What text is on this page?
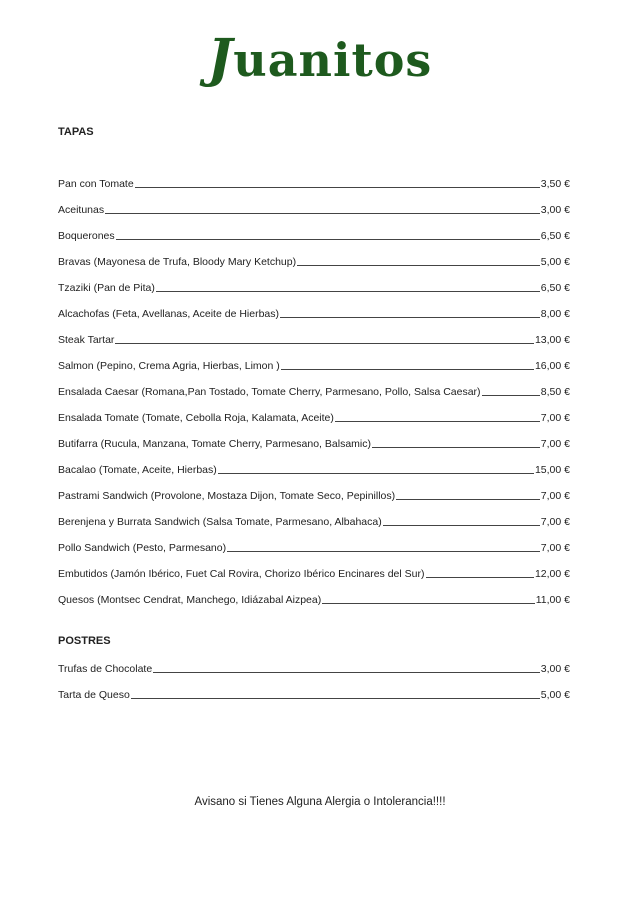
Juanitos
TAPAS
Pan con Tomate	3,50 €
Aceitunas	3,00 €
Boquerones	6,50 €
Bravas (Mayonesa de Trufa, Bloody Mary Ketchup)	5,00 €
Tzaziki (Pan de Pita)	6,50 €
Alcachofas (Feta, Avellanas, Aceite de Hierbas)	8,00 €
Steak Tartar	13,00 €
Salmon (Pepino, Crema Agria, Hierbas, Limon )	16,00 €
Ensalada Caesar (Romana,Pan Tostado, Tomate Cherry, Parmesano, Pollo, Salsa Caesar)	8,50 €
Ensalada Tomate (Tomate, Cebolla Roja, Kalamata, Aceite)	7,00 €
Butifarra (Rucula, Manzana, Tomate Cherry, Parmesano, Balsamic)	7,00 €
Bacalao (Tomate, Aceite, Hierbas)	15,00 €
Pastrami Sandwich (Provolone, Mostaza Dijon, Tomate Seco, Pepinillos)	7,00 €
Berenjena y Burrata Sandwich (Salsa Tomate, Parmesano, Albahaca)	7,00 €
Pollo Sandwich (Pesto, Parmesano)	7,00 €
Embutidos (Jamón Ibérico, Fuet Cal Rovira, Chorizo Ibérico Encinares del Sur)	12,00 €
Quesos (Montsec Cendrat, Manchego, Idiázabal Aizpea)	11,00 €
POSTRES
Trufas de Chocolate	3,00 €
Tarta de Queso	5,00 €
Avisano si Tienes Alguna Alergia o Intolerancia!!!!
